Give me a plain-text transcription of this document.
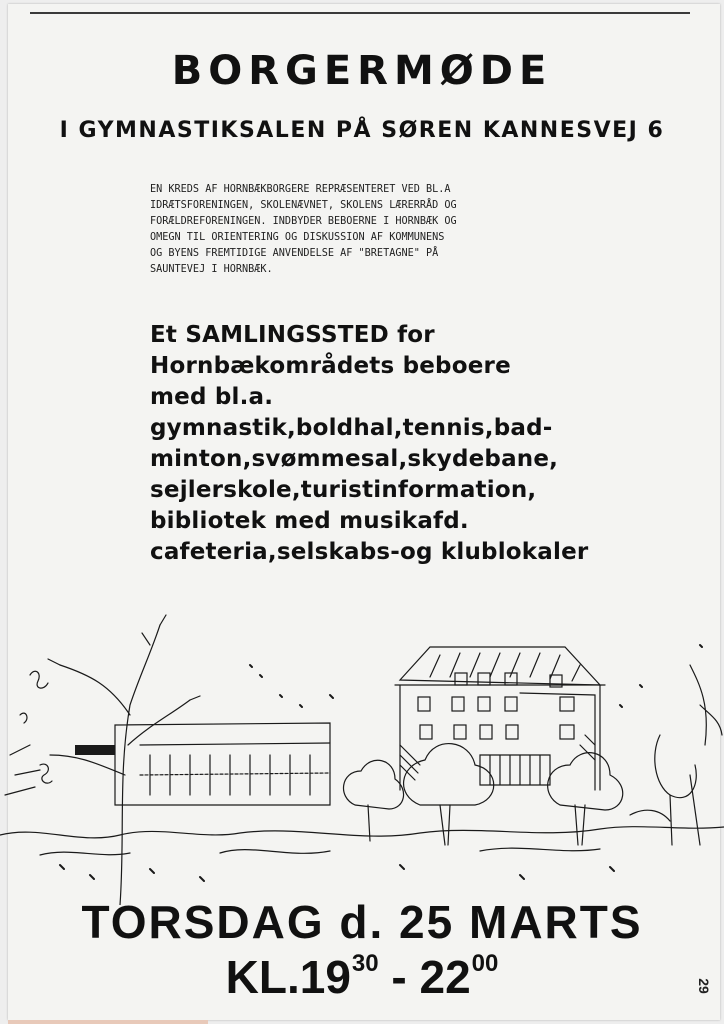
BORGERMØDE
I GYMNASTIKSALEN PÅ SØREN KANNESVEJ 6
EN KREDS AF HORNBÆKBORGERE REPRÆSENTERET VED BL.A
IDRÆTSFORENINGEN, SKOLENÆVNET, SKOLENS LÆRERRÅD OG
FORÆLDREFORENINGEN. INDBYDER BEBOERNE I HORNBÆK OG
OMEGN TIL ORIENTERING OG DISKUSSION AF KOMMUNENS
OG BYENS FREMTIDIGE ANVENDELSE AF "BRETAGNE" PÅ
SAUNTEVEJ I HORNBÆK.
Et SAMLINGSSTED for
Hornbækområdets beboere
med bl.a.
gymnastik,boldhal,tennis,bad-
minton,svømmesal,skydebane,
sejlerskole,turistinformation,
bibliotek med musikafd.
cafeteria,selskabs-og klublokaler
TORSDAG d. 25 MARTS
$KL.19^{30} - 22^{00}$
29
